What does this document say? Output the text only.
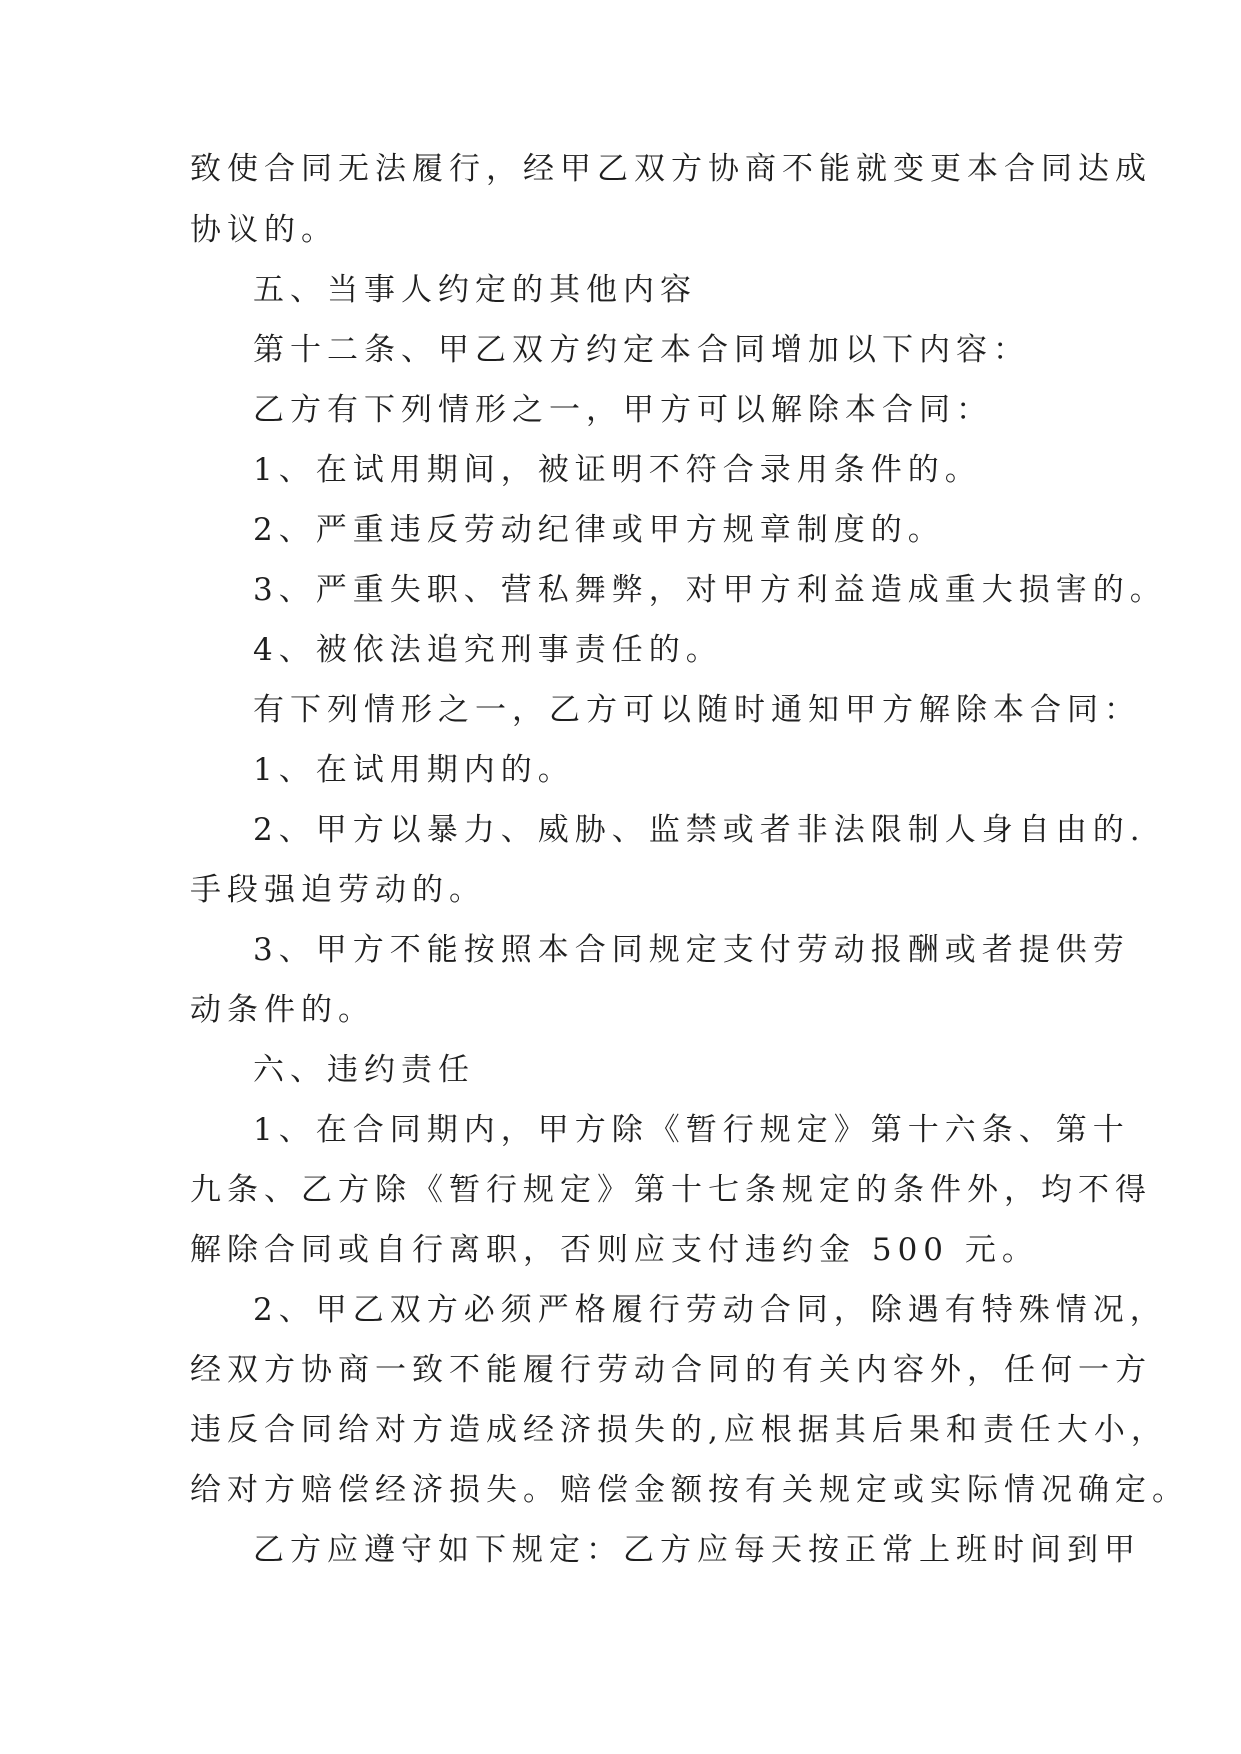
致使合同无法履行，经甲乙双方协商不能就变更本合同达成
协议的。
五、当事人约定的其他内容
第十二条、甲乙双方约定本合同增加以下内容：
乙方有下列情形之一，甲方可以解除本合同：
1、在试用期间，被证明不符合录用条件的。
2、严重违反劳动纪律或甲方规章制度的。
3、严重失职、营私舞弊，对甲方利益造成重大损害的。
4、被依法追究刑事责任的。
有下列情形之一，乙方可以随时通知甲方解除本合同：
1、在试用期内的。
2、甲方以暴力、威胁、监禁或者非法限制人身自由的.
手段强迫劳动的。
3、甲方不能按照本合同规定支付劳动报酬或者提供劳
动条件的。
六、违约责任
1、在合同期内，甲方除《暂行规定》第十六条、第十
九条、乙方除《暂行规定》第十七条规定的条件外，均不得
解除合同或自行离职，否则应支付违约金 500 元。
2、甲乙双方必须严格履行劳动合同，除遇有特殊情况，
经双方协商一致不能履行劳动合同的有关内容外，任何一方
违反合同给对方造成经济损失的,应根据其后果和责任大小，
给对方赔偿经济损失。赔偿金额按有关规定或实际情况确定。
乙方应遵守如下规定：乙方应每天按正常上班时间到甲
